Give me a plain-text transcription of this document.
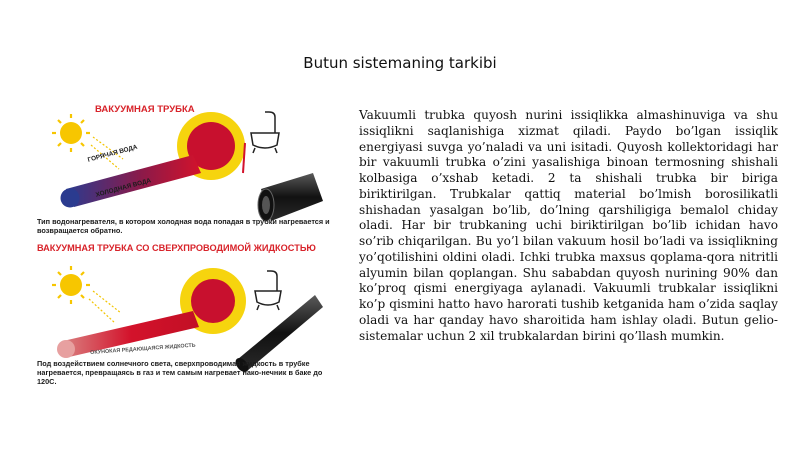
Butun sistemaning tarkibi
ВАКУУМНАЯ ТРУБКА
ГОРЯЧАЯ ВОДА
ХОЛОДНАЯ ВОДА
Тип водонагревателя, в котором холодная вода попадая в трубки нагревается и возвращается обратно.
ВАКУУМНАЯ ТРУБКА СО СВЕРХПРОВОДИМОЙ ЖИДКОСТЬЮ
ОКУНОКАЯ РЕДАЮЩАЯСЯ ЖИДКОСТЬ
Под воздействием солнечного света, сверхпроводимая жидкость в трубке нагревается, превращаясь в газ и тем самым нагревает нако-нечник в баке до 120С.
Vakuumli trubka quyosh nurini issiqlikka almashinuviga va shu issiqlikni saqlanishiga xizmat qiladi. Paydo bo’lgan issiqlik energiyasi suvga yo’naladi va uni isitadi. Quyosh kollektoridagi har bir vakuumli trubka o’zini yasalishiga binoan termosning shishali kolbasiga o’xshab ketadi. 2 ta shishali trubka bir biriga biriktirilgan. Trubkalar qattiq material bo’lmish borosilikatli shishadan yasalgan bo’lib, do’lning qarshiligiga bemalol chiday oladi. Har bir trubkaning uchi biriktirilgan bo’lib ichidan havo so’rib chiqarilgan. Bu yo’l bilan vakuum hosil bo’ladi va issiqlikning yo’qotilishini oldini oladi. Ichki trubka maxsus qoplama-qora nitritli alyumin bilan qoplangan. Shu sababdan quyosh nurining 90% dan ko’proq qismi energiyaga aylanadi. Vakuumli trubkalar issiqlikni ko’p qismini hatto havo harorati tushib ketganida ham o’zida saqlay oladi va har qanday havo sharoitida ham ishlay oladi. Butun gelio-sistemalar uchun 2 xil trubkalardan birini qo’llash mumkin.
